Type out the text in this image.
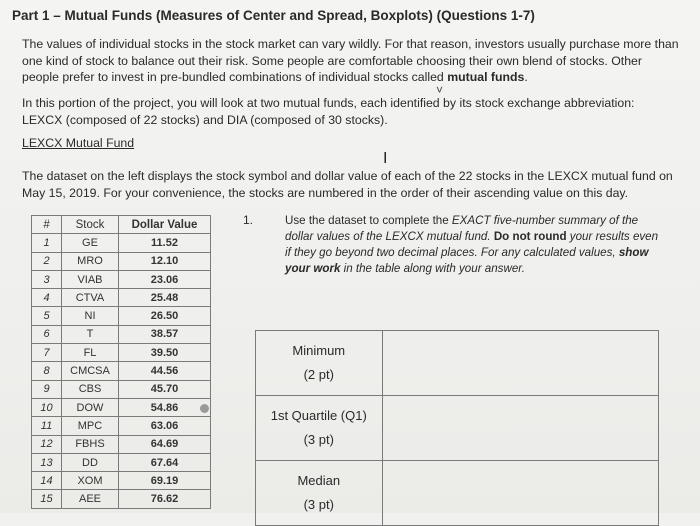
Part 1 – Mutual Funds (Measures of Center and Spread, Boxplots) (Questions 1-7)
The values of individual stocks in the stock market can vary wildly. For that reason, investors usually purchase more than one kind of stock to balance out their risk. Some people are comfortable choosing their own blend of stocks. Other people prefer to invest in pre-bundled combinations of individual stocks called mutual funds.
˅
In this portion of the project, you will look at two mutual funds, each identified by its stock exchange abbreviation: LEXCX (composed of 22 stocks) and DIA (composed of 30 stocks).
LEXCX Mutual Fund
I
The dataset on the left displays the stock symbol and dollar value of each of the 22 stocks in the LEXCX mutual fund on May 15, 2019. For your convenience, the stocks are numbered in the order of their ascending value on this day.
#	Stock	Dollar Value
1	GE	11.52
2	MRO	12.10
3	VIAB	23.06
4	CTVA	25.48
5	NI	26.50
6	T	38.57
7	FL	39.50
8	CMCSA	44.56
9	CBS	45.70
10	DOW	54.86
11	MPC	63.06
12	FBHS	64.69
13	DD	67.64
14	XOM	69.19
15	AEE	76.62
1.	Use the dataset to complete the EXACT five-number summary of the dollar values of the LEXCX mutual fund. Do not round your results even if they go beyond two decimal places. For any calculated values, show your work in the table along with your answer.
Minimum
(2 pt)	

1st Quartile (Q1)
(3 pt)	

Median
(3 pt)	
